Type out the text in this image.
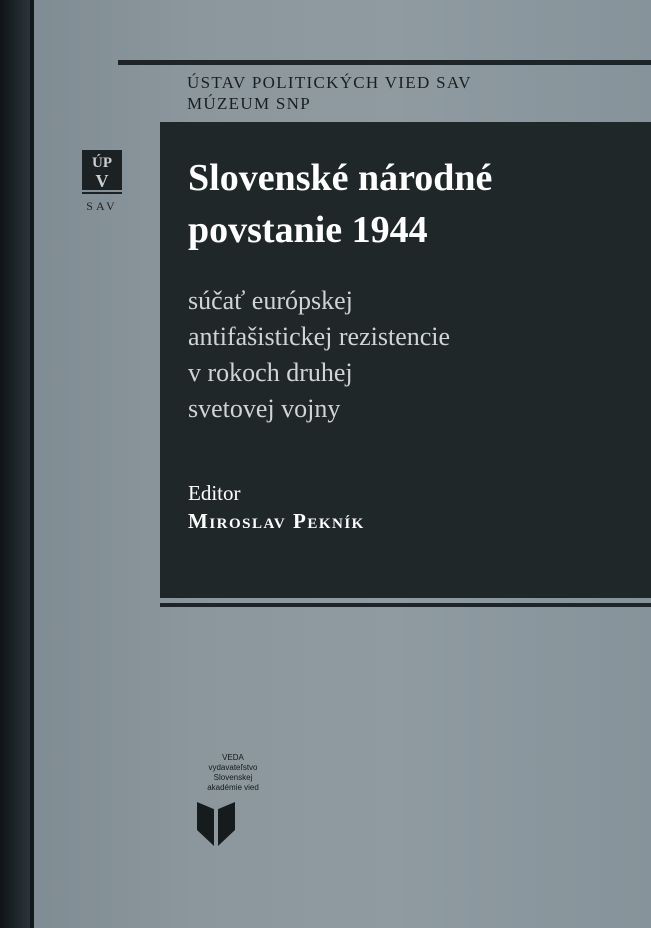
ÚSTAV POLITICKÝCH VIED SAV
MÚZEUM SNP
ÚP
V
SAV
Slovenské národné
povstanie 1944
súčať európskej
antifašistickej rezistencie
v rokoch druhej
svetovej vojny
Editor
Miroslav Pekník
VEDA
vydavateľstvo
Slovenskej
akadémie vied
